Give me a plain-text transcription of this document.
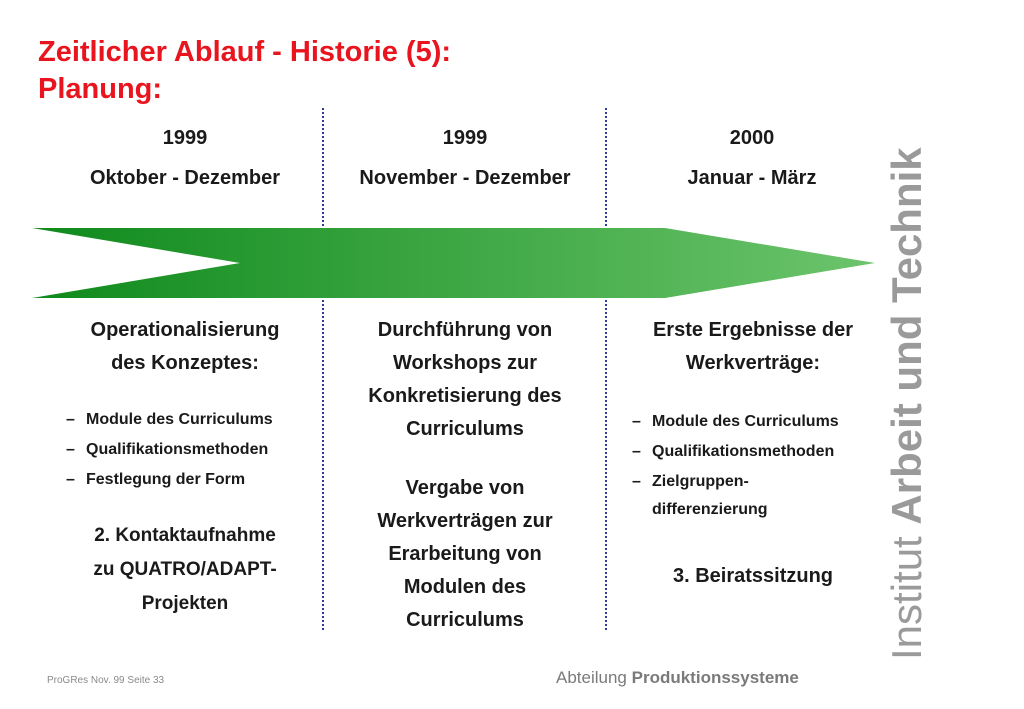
Zeitlicher Ablauf - Historie (5):
Planung:
1999
Oktober - Dezember
1999
November - Dezember
2000
Januar - März
Operationalisierung
des Konzeptes:
– Module des Curriculums
– Qualifikationsmethoden
– Festlegung der Form
2. Kontaktaufnahme
zu QUATRO/ADAPT-
Projekten
Durchführung von
Workshops zur
Konkretisierung des
Curriculums
Vergabe von
Werkverträgen zur
Erarbeitung von
Modulen des
Curriculums
Erste Ergebnisse der
Werkverträge:
– Module des Curriculums
– Qualifikationsmethoden
– Zielgruppen-
differenzierung
3. Beiratssitzung	Institut Arbeit und Technik
ProGRes Nov. 99 Seite 33	Abteilung Produktionssysteme
